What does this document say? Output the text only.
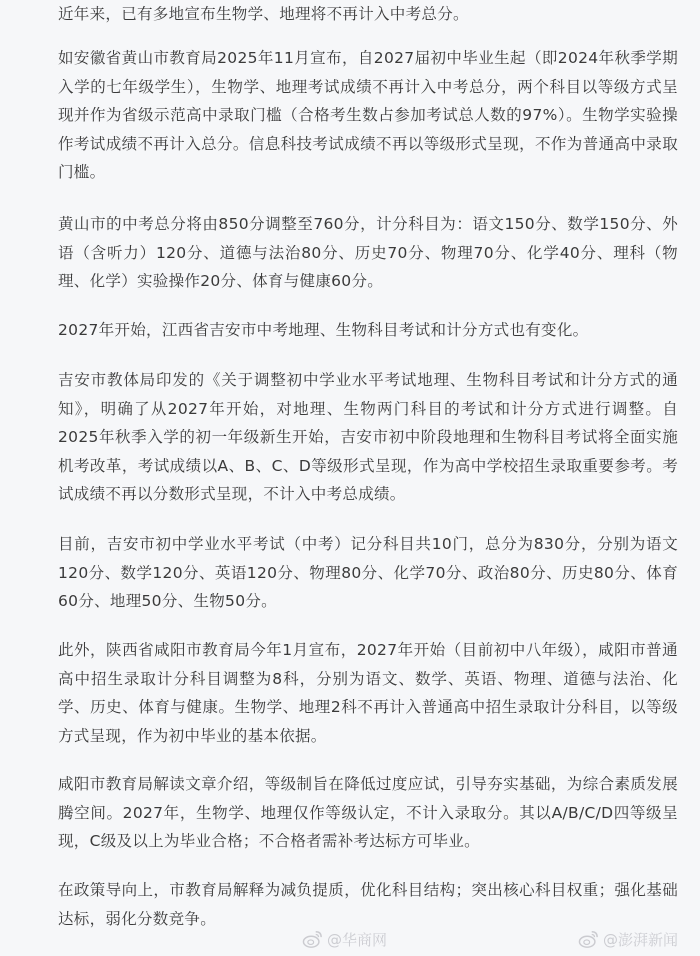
近年来，已有多地宣布生物学、地理将不再计入中考总分。

如安徽省黄山市教育局2025年11月宣布，自2027届初中毕业生起（即2024年秋季学期入学的七年级学生），生物学、地理考试成绩不再计入中考总分，两个科目以等级方式呈现并作为省级示范高中录取门槛（合格考生数占参加考试总人数的97%）。生物学实验操作考试成绩不再计入总分。信息科技考试成绩不再以等级形式呈现，不作为普通高中录取门槛。

黄山市的中考总分将由850分调整至760分，计分科目为：语文150分、数学150分、外语（含听力）120分、道德与法治80分、历史70分、物理70分、化学40分、理科（物理、化学）实验操作20分、体育与健康60分。

2027年开始，江西省吉安市中考地理、生物科目考试和计分方式也有变化。

吉安市教体局印发的《关于调整初中学业水平考试地理、生物科目考试和计分方式的通知》，明确了从2027年开始，对地理、生物两门科目的考试和计分方式进行调整。自2025年秋季入学的初一年级新生开始，吉安市初中阶段地理和生物科目考试将全面实施机考改革，考试成绩以A、B、C、D等级形式呈现，作为高中学校招生录取重要参考。考试成绩不再以分数形式呈现，不计入中考总成绩。

目前，吉安市初中学业水平考试（中考）记分科目共10门，总分为830分，分别为语文120分、数学120分、英语120分、物理80分、化学70分、政治80分、历史80分、体育60分、地理50分、生物50分。

此外，陕西省咸阳市教育局今年1月宣布，2027年开始（目前初中八年级），咸阳市普通高中招生录取计分科目调整为8科，分别为语文、数学、英语、物理、道德与法治、化学、历史、体育与健康。生物学、地理2科不再计入普通高中招生录取计分科目，以等级方式呈现，作为初中毕业的基本依据。

咸阳市教育局解读文章介绍，等级制旨在降低过度应试，引导夯实基础，为综合素质发展腾空间。2027年，生物学、地理仅作等级认定，不计入录取分。其以A/B/C/D四等级呈现，C级及以上为毕业合格；不合格者需补考达标方可毕业。

在政策导向上，市教育局解释为减负提质，优化科目结构；突出核心科目权重；强化基础达标，弱化分数竞争。

@华商网	@澎湃新闻
